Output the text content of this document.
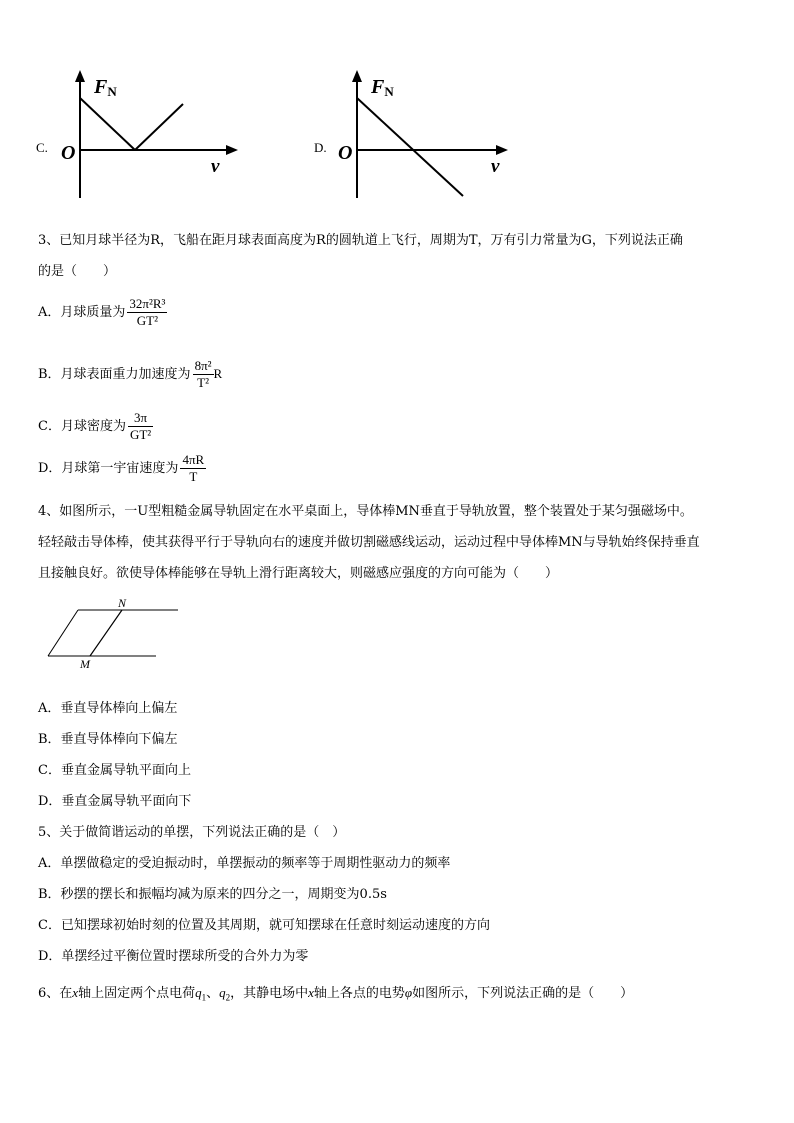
C.
$F_N$
O
v
D.
$F_N$
O
v
3、已知月球半径为R，飞船在距月球表面高度为R的圆轨道上飞行，周期为T，万有引力常量为G，下列说法正确
的是（　　）
A．月球质量为 $\frac{\text{32π²R³}}{\text{GT²}}$
B．月球表面重力加速度为 $\frac{\text{8π²}}{\text{T²}}$ R
C．月球密度为 $\frac{3\pi}{\text{GT²}}$
D．月球第一宇宙速度为 $\frac{4\pi R}{T}$
4、如图所示，一U型粗糙金属导轨固定在水平桌面上，导体棒MN垂直于导轨放置，整个装置处于某匀强磁场中。
轻轻敲击导体棒，使其获得平行于导轨向右的速度并做切割磁感线运动，运动过程中导体棒MN与导轨始终保持垂直
且接触良好。欲使导体棒能够在导轨上滑行距离较大，则磁感应强度的方向可能为（　　）
N
M
A．垂直导体棒向上偏左
B．垂直导体棒向下偏左
C．垂直金属导轨平面向上
D．垂直金属导轨平面向下
5、关于做简谐运动的单摆，下列说法正确的是（　）
A．单摆做稳定的受迫振动时，单摆振动的频率等于周期性驱动力的频率
B．秒摆的摆长和振幅均减为原来的四分之一，周期变为0.5s
C．已知摆球初始时刻的位置及其周期，就可知摆球在任意时刻运动速度的方向
D．单摆经过平衡位置时摆球所受的合外力为零
6、在x轴上固定两个点电荷$q_1$、$q_2$，其静电场中x轴上各点的电势φ如图所示，下列说法正确的是（　　）
